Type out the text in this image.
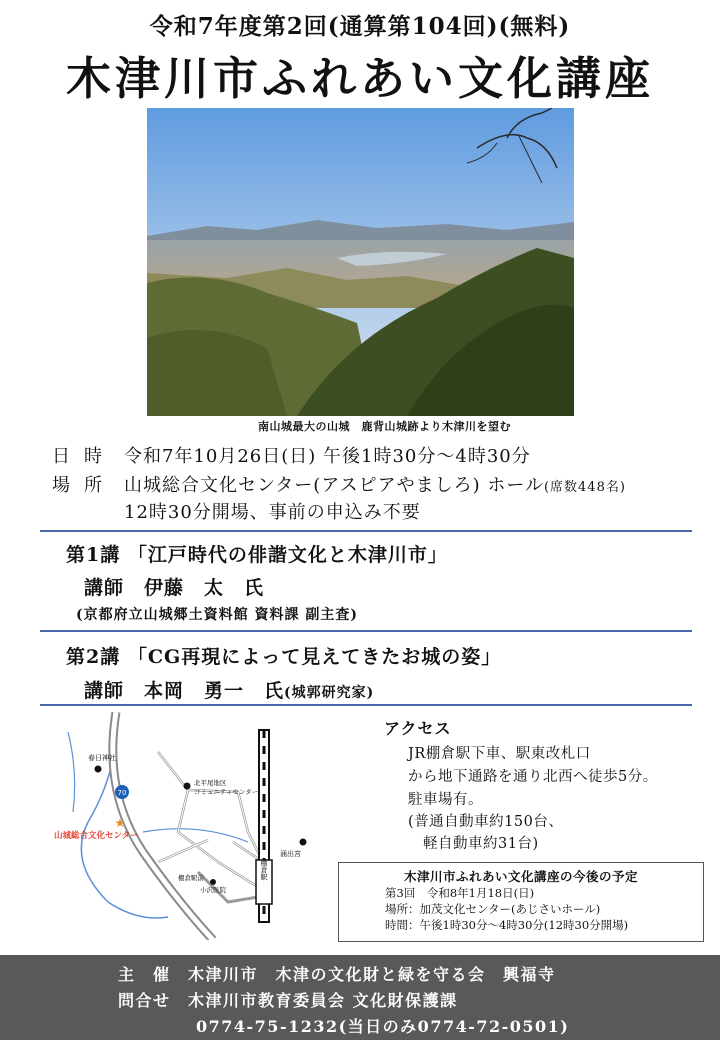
令和7年度第2回(通算第104回)(無料)
木津川市ふれあい文化講座
南山城最大の山城　鹿背山城跡より木津川を望む
日時 令和7年10月26日(日) 午後1時30分～4時30分
場所 山城総合文化センター(アスピアやましろ) ホール(席数448名)
12時30分開場、事前の申込み不要
第1講 「江戸時代の俳諧文化と木津川市」
講師　 伊藤　太　氏
(京都府立山城郷土資料館 資料課 副主査)
第2講 「CG再現によって見えてきたお城の姿」
講師　 本岡　勇一　氏(城郭研究家)
棚倉駅
春日神社
北平尾地区
コミュニティセンター
70
★
山城総合文化センター
涌出宮
棚倉駅前
小沢医院
アクセス
JR棚倉駅下車、駅東改札口
から地下通路を通り北西へ徒歩5分。
駐車場有。
(普通自動車約150台、
　軽自動車約31台)
木津川市ふれあい文化講座の今後の予定
第3回　令和8年1月18日(日)
場所：加茂文化センター(あじさいホール)
時間：午後1時30分～4時30分(12時30分開場)
主　催　 木津川市　木津の文化財と緑を守る会　興福寺
問合せ　 木津川市教育委員会 文化財保護課
0774-75-1232(当日のみ0774-72-0501)
